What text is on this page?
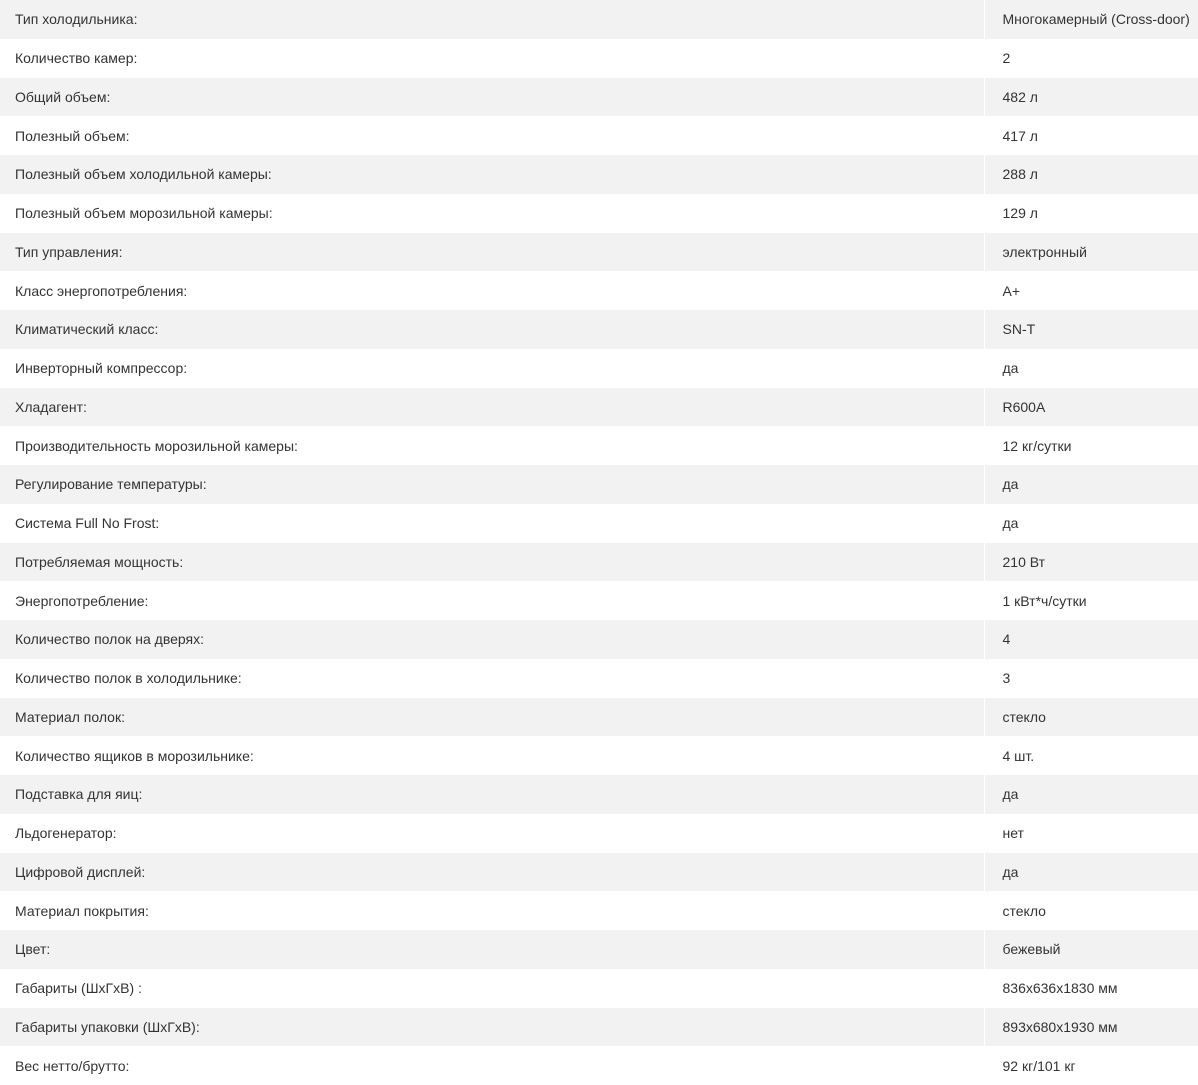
Тип холодильника:	Многокамерный (Cross-door)
Количество камер:	2
Общий объем:	482 л
Полезный объем:	417 л
Полезный объем холодильной камеры:	288 л
Полезный объем морозильной камеры:	129 л
Тип управления:	электронный
Класс энергопотребления:	A+
Климатический класс:	SN-T
Инверторный компрессор:	да
Хладагент:	R600A
Производительность морозильной камеры:	12 кг/сутки
Регулирование температуры:	да
Система Full No Frost:	да
Потребляемая мощность:	210 Вт
Энергопотребление:	1 кВт*ч/сутки
Количество полок на дверях:	4
Количество полок в холодильнике:	3
Материал полок:	стекло
Количество ящиков в морозильнике:	4 шт.
Подставка для яиц:	да
Льдогенератор:	нет
Цифровой дисплей:	да
Материал покрытия:	стекло
Цвет:	бежевый
Габариты (ШхГхВ) :	836х636х1830 мм
Габариты упаковки (ШхГхВ):	893х680х1930 мм
Вес нетто/брутто:	92 кг/101 кг
